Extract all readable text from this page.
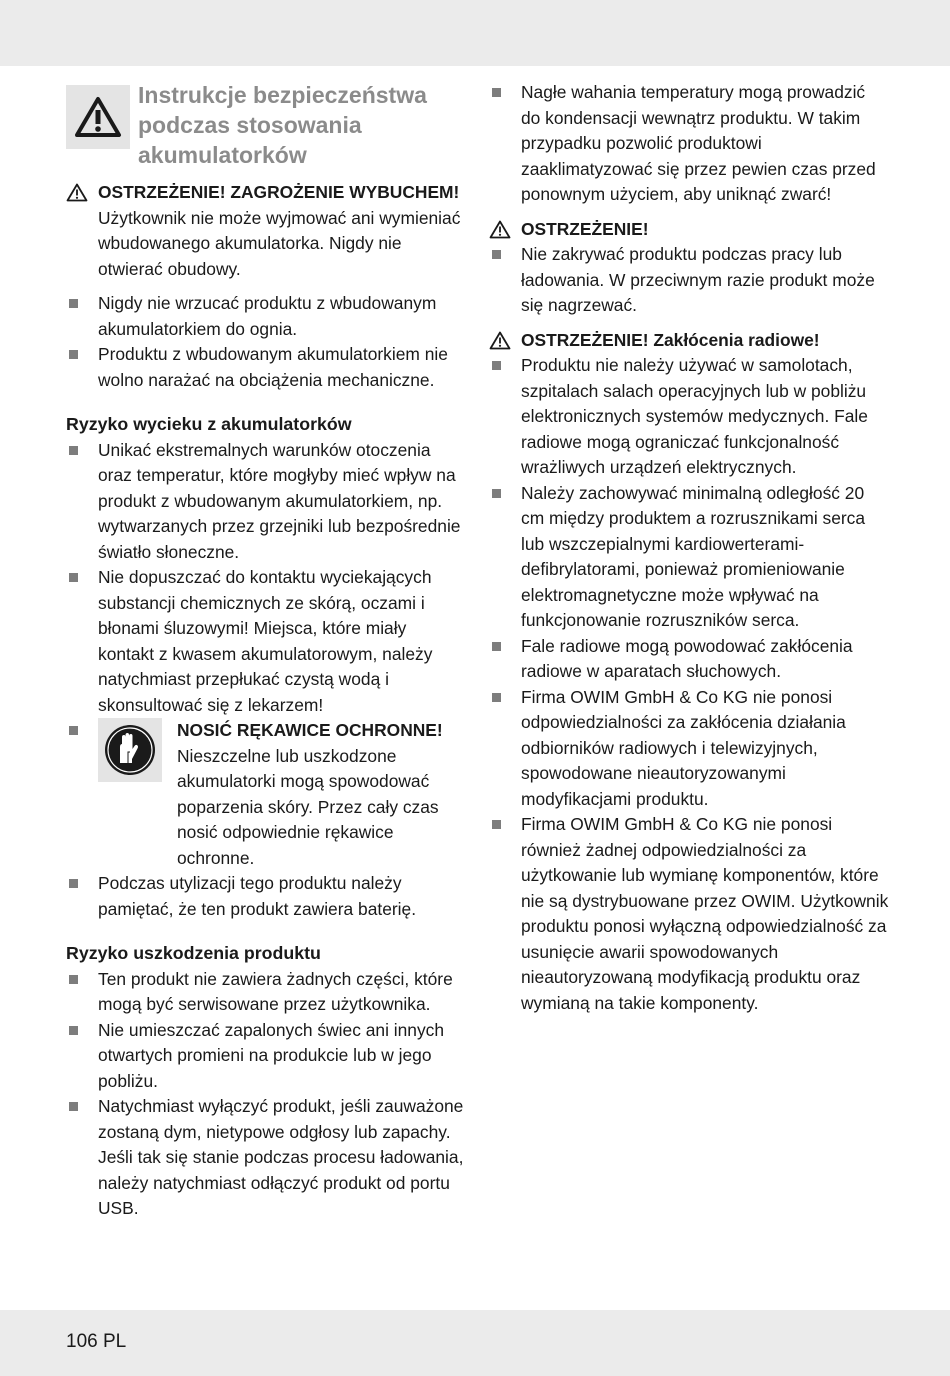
Instrukcje bezpieczeństwa podczas stosowania akumulatorków
OSTRZEŻENIE! ZAGROŻENIE WYBUCHEM! Użytkownik nie może wyjmować ani wymieniać wbudowanego akumulatorka. Nigdy nie otwierać obudowy.
Nigdy nie wrzucać produktu z wbudowanym akumulatorkiem do ognia.
Produktu z wbudowanym akumulatorkiem nie wolno narażać na obciążenia mechaniczne.
Ryzyko wycieku z akumulatorków
Unikać ekstremalnych warunków otoczenia oraz temperatur, które mogłyby mieć wpływ na produkt z wbudowanym akumulatorkiem, np. wytwarzanych przez grzejniki lub bezpośrednie światło słoneczne.
Nie dopuszczać do kontaktu wyciekających substancji chemicznych ze skórą, oczami i błonami śluzowymi! Miejsca, które miały kontakt z kwasem akumulatorowym, należy natychmiast przepłukać czystą wodą i skonsultować się z lekarzem!
NOSIĆ RĘKAWICE OCHRONNE! Nieszczelne lub uszkodzone akumulatorki mogą spowodować poparzenia skóry. Przez cały czas nosić odpowiednie rękawice ochronne.
Podczas utylizacji tego produktu należy pamiętać, że ten produkt zawiera baterię.
Ryzyko uszkodzenia produktu
Ten produkt nie zawiera żadnych części, które mogą być serwisowane przez użytkownika.
Nie umieszczać zapalonych świec ani innych otwartych promieni na produkcie lub w jego pobliżu.
Natychmiast wyłączyć produkt, jeśli zauważone zostaną dym, nietypowe odgłosy lub zapachy. Jeśli tak się stanie podczas procesu ładowania, należy natychmiast odłączyć produkt od portu USB.
Nagłe wahania temperatury mogą prowadzić do kondensacji wewnątrz produktu. W takim przypadku pozwolić produktowi zaaklimatyzować się przez pewien czas przed ponownym użyciem, aby uniknąć zwarć!
OSTRZEŻENIE!
Nie zakrywać produktu podczas pracy lub ładowania. W przeciwnym razie produkt może się nagrzewać.
OSTRZEŻENIE! Zakłócenia radiowe!
Produktu nie należy używać w samolotach, szpitalach salach operacyjnych lub w pobliżu elektronicznych systemów medycznych. Fale radiowe mogą ograniczać funkcjonalność wrażliwych urządzeń elektrycznych.
Należy zachowywać minimalną odległość 20 cm między produktem a rozrusznikami serca lub wszczepialnymi kardiowerterami-defibrylatorami, ponieważ promieniowanie elektromagnetyczne może wpływać na funkcjonowanie rozruszników serca.
Fale radiowe mogą powodować zakłócenia radiowe w aparatach słuchowych.
Firma OWIM GmbH & Co KG nie ponosi odpowiedzialności za zakłócenia działania odbiorników radiowych i telewizyjnych, spowodowane nieautoryzowanymi modyfikacjami produktu.
Firma OWIM GmbH & Co KG nie ponosi również żadnej odpowiedzialności za użytkowanie lub wymianę komponentów, które nie są dystrybuowane przez OWIM. Użytkownik produktu ponosi wyłączną odpowiedzialność za usunięcie awarii spowodowanych nieautoryzowaną modyfikacją produktu oraz wymianą na takie komponenty.
106 PL
